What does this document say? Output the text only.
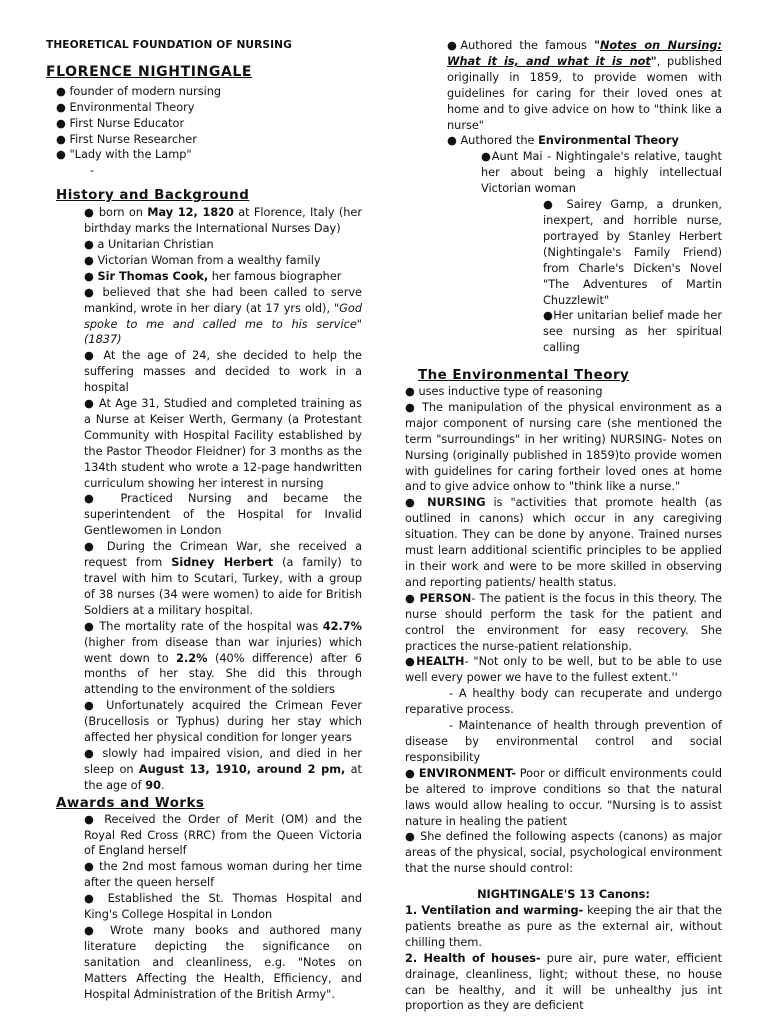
THEORETICAL FOUNDATION OF NURSING
FLORENCE NIGHTINGALE

● founder of modern nursing

● Environmental Theory

● First Nurse Educator

● First Nurse Researcher

● "Lady with the Lamp"

-

History and Background

● born on May 12, 1820 at Florence, Italy (her birthday marks the International Nurses Day)

● a Unitarian Christian

● Victorian Woman from a wealthy family

● Sir Thomas Cook, her famous biographer

● believed that she had been called to serve mankind, wrote in her diary (at 17 yrs old), "God spoke to me and called me to his service" (1837)

● At the age of 24, she decided to help the suffering masses and decided to work in a hospital

● At Age 31, Studied and completed training as a Nurse at Keiser Werth, Germany (a Protestant Community with Hospital Facility established by the Pastor Theodor Fleidner) for 3 months as the 134th student who wrote a 12-page handwritten curriculum showing her interest in nursing

● Practiced Nursing and became the superintendent of the Hospital for Invalid Gentlewomen in London

● During the Crimean War, she received a request from Sidney Herbert (a family) to travel with him to Scutari, Turkey, with a group of 38 nurses (34 were women) to aide for British Soldiers at a military hospital.

● The mortality rate of the hospital was 42.7% (higher from disease than war injuries) which went down to 2.2% (40% difference) after 6 months of her stay. She did this through attending to the environment of the soldiers

● Unfortunately acquired the Crimean Fever (Brucellosis or Typhus) during her stay which affected her physical condition for longer years

● slowly had impaired vision, and died in her sleep on August 13, 1910, around 2 pm, at the age of 90.

Awards and Works

● Received the Order of Merit (OM) and the Royal Red Cross (RRC) from the Queen Victoria of England herself

● the 2nd most famous woman during her time after the queen herself

● Established the St. Thomas Hospital and King's College Hospital in London

● Wrote many books and authored many literature depicting the significance on sanitation and cleanliness, e.g. "Notes on Matters Affecting the Health, Efficiency, and Hospital Administration of the British Army".

●Authored the famous "Notes on Nursing: What it is, and what it is not", published originally in 1859, to provide women with guidelines for caring for their loved ones at home and to give advice on how to "think like a nurse"

● Authored the Environmental Theory

●Aunt Mai - Nightingale's relative, taught her about being a highly intellectual Victorian woman

● Sairey Gamp, a drunken, inexpert, and horrible nurse, portrayed by Stanley Herbert (Nightingale's Family Friend) from Charle's Dicken's Novel "The Adventures of Martin Chuzzlewit"

●Her unitarian belief made her see nursing as her spiritual calling

The Environmental Theory

● uses inductive type of reasoning

● The manipulation of the physical environment as a major component of nursing care (she mentioned the term "surroundings" in her writing) NURSING- Notes on Nursing (originally published in 1859)to provide women with guidelines for caring fortheir loved ones at home and to give advice onhow to "think like a nurse."

● NURSING is "activities that promote health (as outlined in canons) which occur in any caregiving situation. They can be done by anyone. Trained nurses must learn additional scientific principles to be applied in their work and were to be more skilled in observing and reporting patients/ health status.

● PERSON- The patient is the focus in this theory. The nurse should perform the task for the patient and control the environment for easy recovery. She practices the nurse-patient relationship.

●HEALTH- "Not only to be well, but to be able to use well every power we have to the fullest extent.''

- A healthy body can recuperate and undergo reparative process.

- Maintenance of health through prevention of disease by environmental control and social responsibility

● ENVIRONMENT- Poor or difficult environments could be altered to improve conditions so that the natural laws would allow healing to occur. "Nursing is to assist nature in healing the patient

● She defined the following aspects (canons) as major areas of the physical, social, psychological environment that the nurse should control:

NIGHTINGALE'S 13 Canons:

1. Ventilation and warming- keeping the air that the patients breathe as pure as the external air, without chilling them.

2. Health of houses- pure air, pure water, efficient drainage, cleanliness, light; without these, no house can be healthy, and it will be unhealthy jus int proportion as they are deficient
